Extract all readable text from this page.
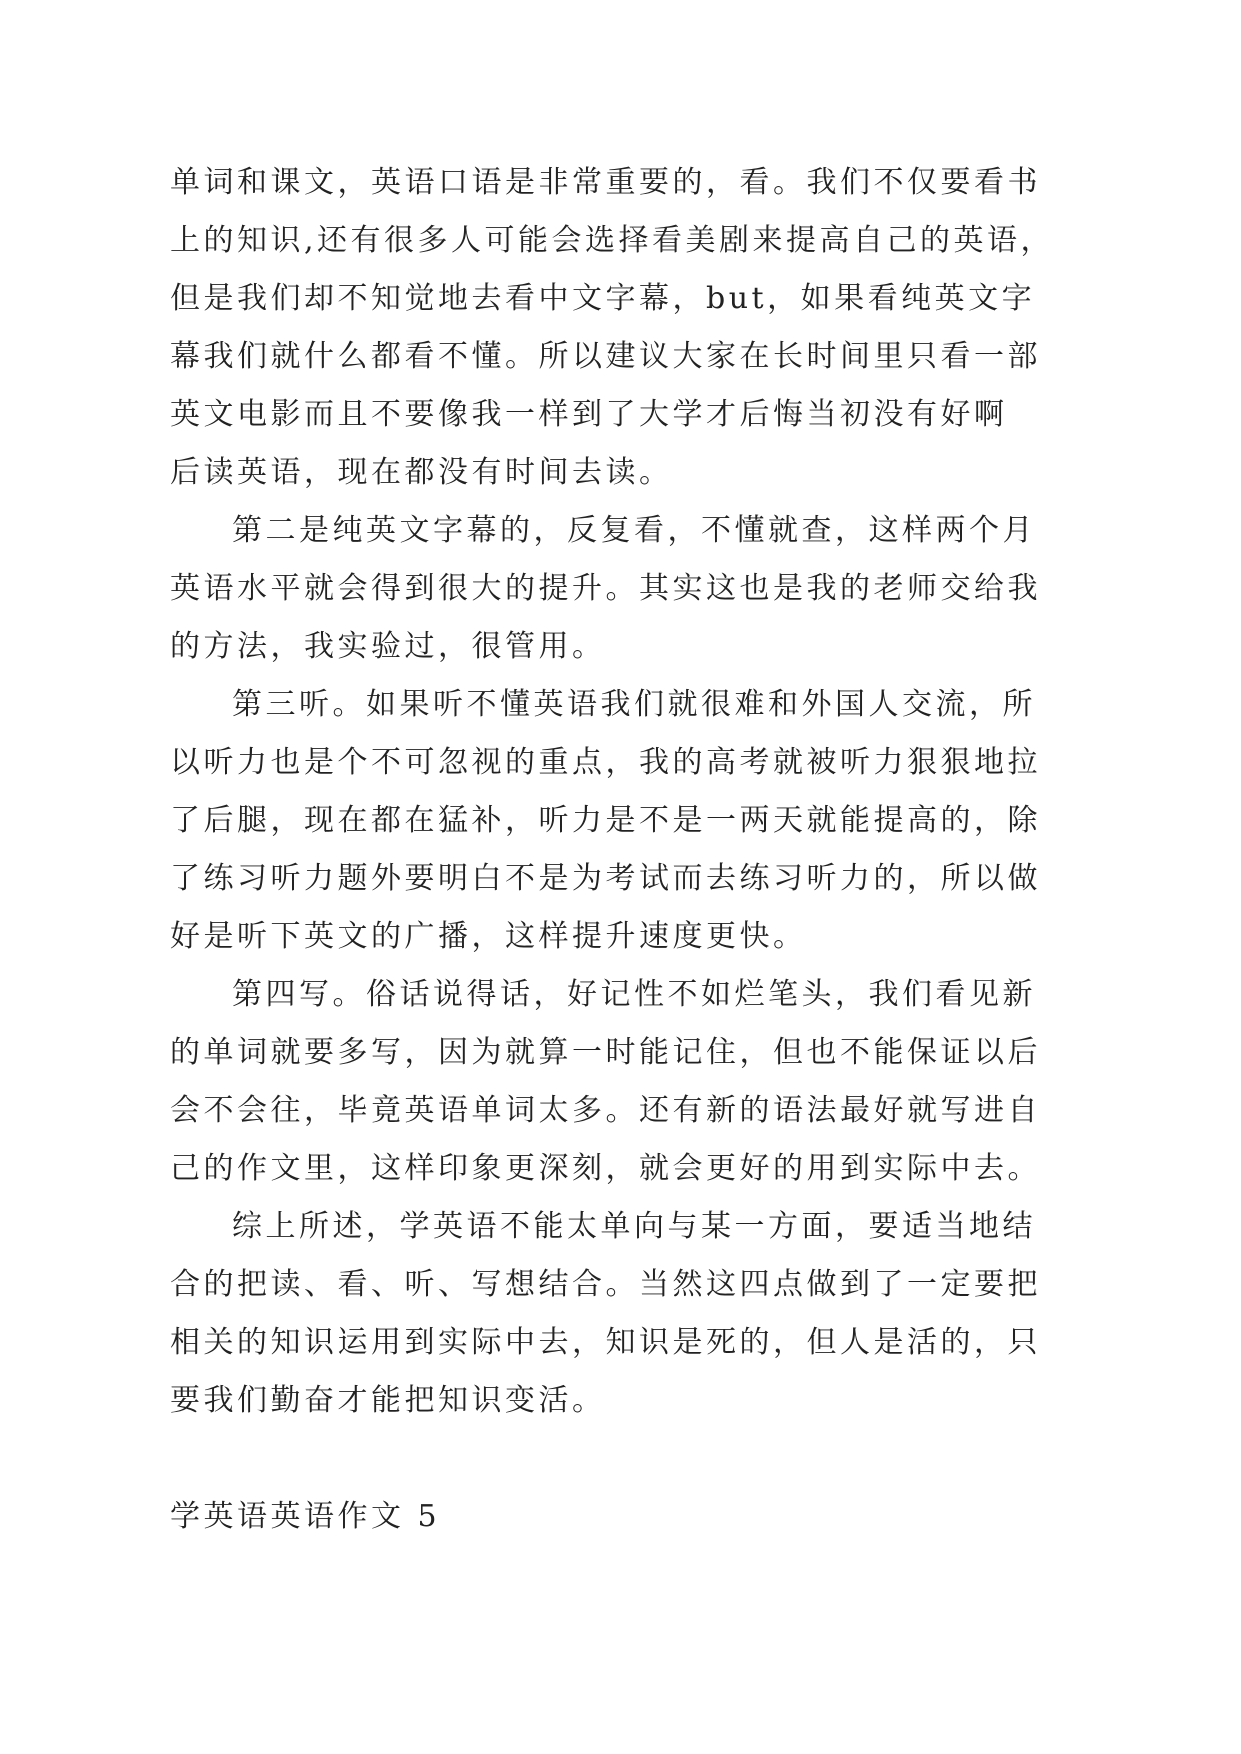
单词和课文，英语口语是非常重要的，看。我们不仅要看书
上的知识,还有很多人可能会选择看美剧来提高自己的英语，
但是我们却不知觉地去看中文字幕，but，如果看纯英文字
幕我们就什么都看不懂。所以建议大家在长时间里只看一部
英文电影而且不要像我一样到了大学才后悔当初没有好啊
后读英语，现在都没有时间去读。
第二是纯英文字幕的，反复看，不懂就查，这样两个月
英语水平就会得到很大的提升。其实这也是我的老师交给我
的方法，我实验过，很管用。
第三听。如果听不懂英语我们就很难和外国人交流，所
以听力也是个不可忽视的重点，我的高考就被听力狠狠地拉
了后腿，现在都在猛补，听力是不是一两天就能提高的，除
了练习听力题外要明白不是为考试而去练习听力的，所以做
好是听下英文的广播，这样提升速度更快。
第四写。俗话说得话，好记性不如烂笔头，我们看见新
的单词就要多写，因为就算一时能记住，但也不能保证以后
会不会往，毕竟英语单词太多。还有新的语法最好就写进自
己的作文里，这样印象更深刻，就会更好的用到实际中去。
综上所述，学英语不能太单向与某一方面，要适当地结
合的把读、看、听、写想结合。当然这四点做到了一定要把
相关的知识运用到实际中去，知识是死的，但人是活的，只
要我们勤奋才能把知识变活。
学英语英语作文 5
